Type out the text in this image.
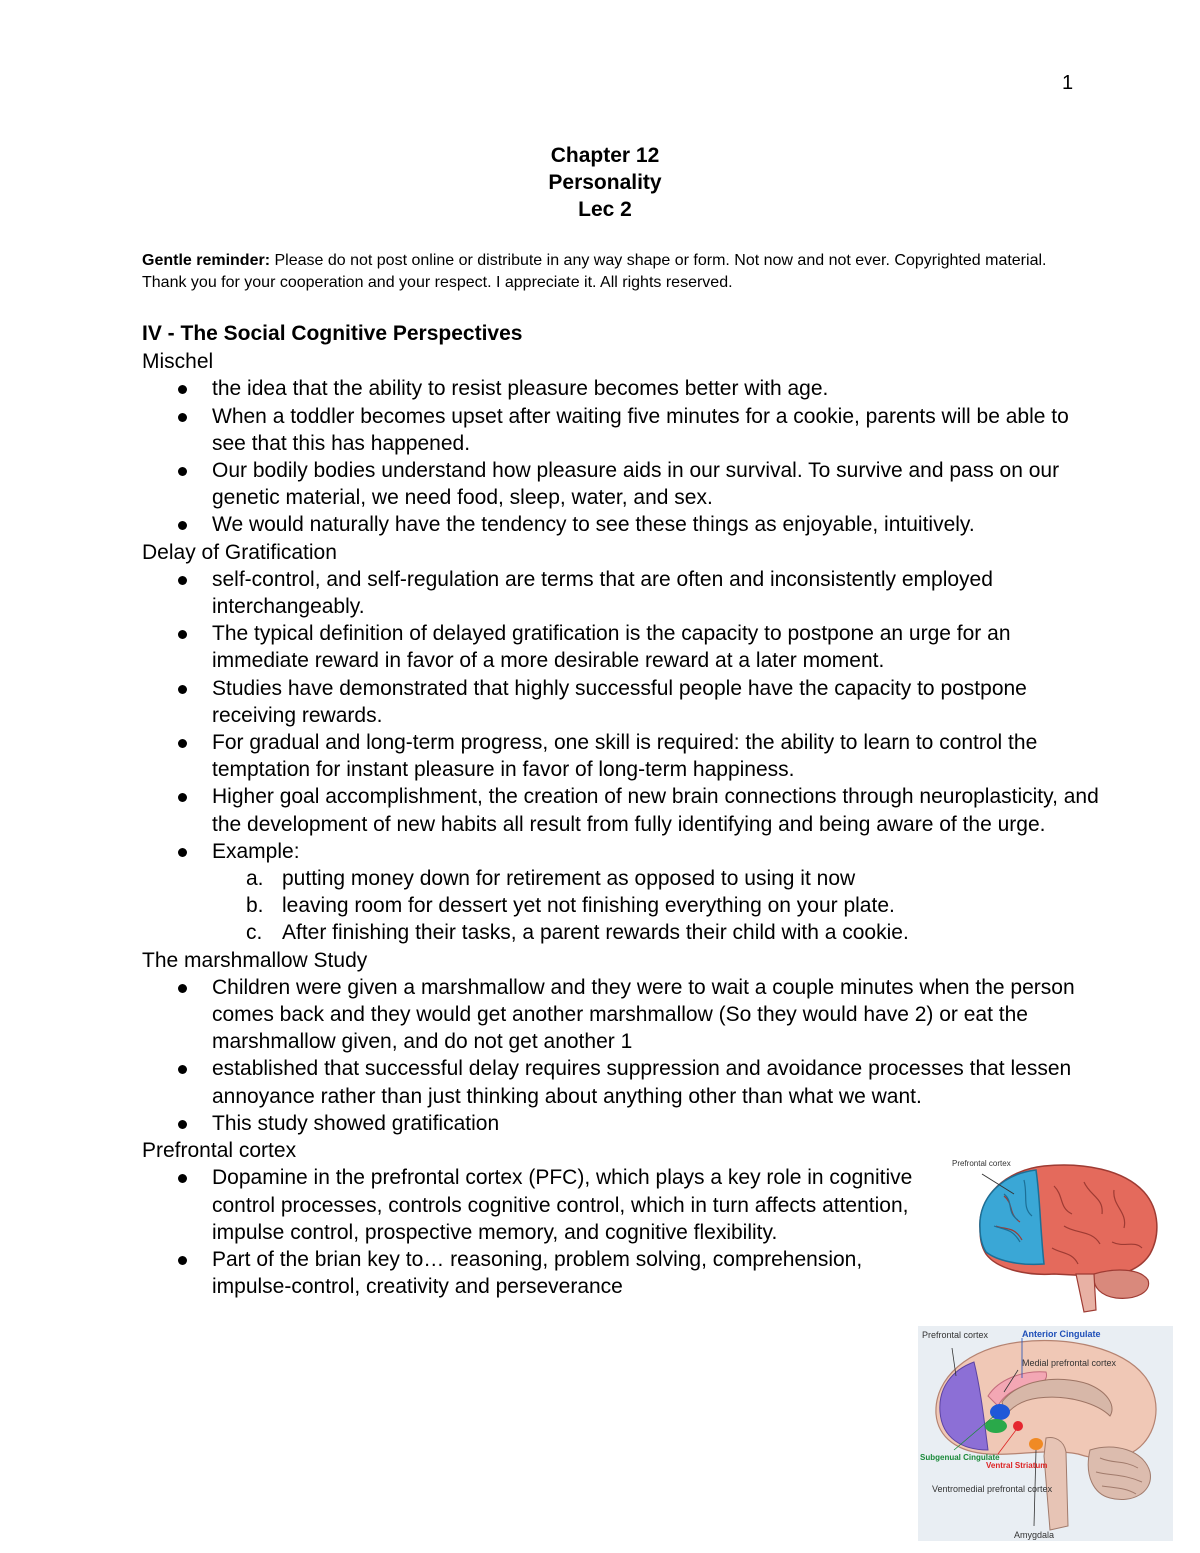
1
Chapter 12
Personality
Lec 2
Gentle reminder: Please do not post online or distribute in any way shape or form. Not now and not ever. Copyrighted material. Thank you for your cooperation and your respect. I appreciate it. All rights reserved.
IV - The Social Cognitive Perspectives
Mischel
the idea that the ability to resist pleasure becomes better with age.
When a toddler becomes upset after waiting five minutes for a cookie, parents will be able to see that this has happened.
Our bodily bodies understand how pleasure aids in our survival. To survive and pass on our genetic material, we need food, sleep, water, and sex.
We would naturally have the tendency to see these things as enjoyable, intuitively.
Delay of Gratification
self-control, and self-regulation are terms that are often and inconsistently employed interchangeably.
The typical definition of delayed gratification is the capacity to postpone an urge for an immediate reward in favor of a more desirable reward at a later moment.
Studies have demonstrated that highly successful people have the capacity to postpone receiving rewards.
For gradual and long-term progress, one skill is required: the ability to learn to control the temptation for instant pleasure in favor of long-term happiness.
Higher goal accomplishment, the creation of new brain connections through neuroplasticity, and the development of new habits all result from fully identifying and being aware of the urge.
Example:
a. putting money down for retirement as opposed to using it now
b. leaving room for dessert yet not finishing everything on your plate.
c. After finishing their tasks, a parent rewards their child with a cookie.
The marshmallow Study
Children were given a marshmallow and they were to wait a couple minutes when the person comes back and they would get another marshmallow (So they would have 2) or eat the marshmallow given, and do not get another 1
established that successful delay requires suppression and avoidance processes that lessen annoyance rather than just thinking about anything other than what we want.
This study showed gratification
Prefrontal cortex
Dopamine in the prefrontal cortex (PFC), which plays a key role in cognitive control processes, controls cognitive control, which in turn affects attention, impulse control, prospective memory, and cognitive flexibility.
Part of the brian key to… reasoning, problem solving, comprehension, impulse-control, creativity and perseverance
Prefrontal cortex
Prefrontal cortex	Anterior Cingulate
Medial prefrontal cortex
Subgenual Cingulate
Ventral Striatum
Ventromedial prefrontal cortex
Amygdala
